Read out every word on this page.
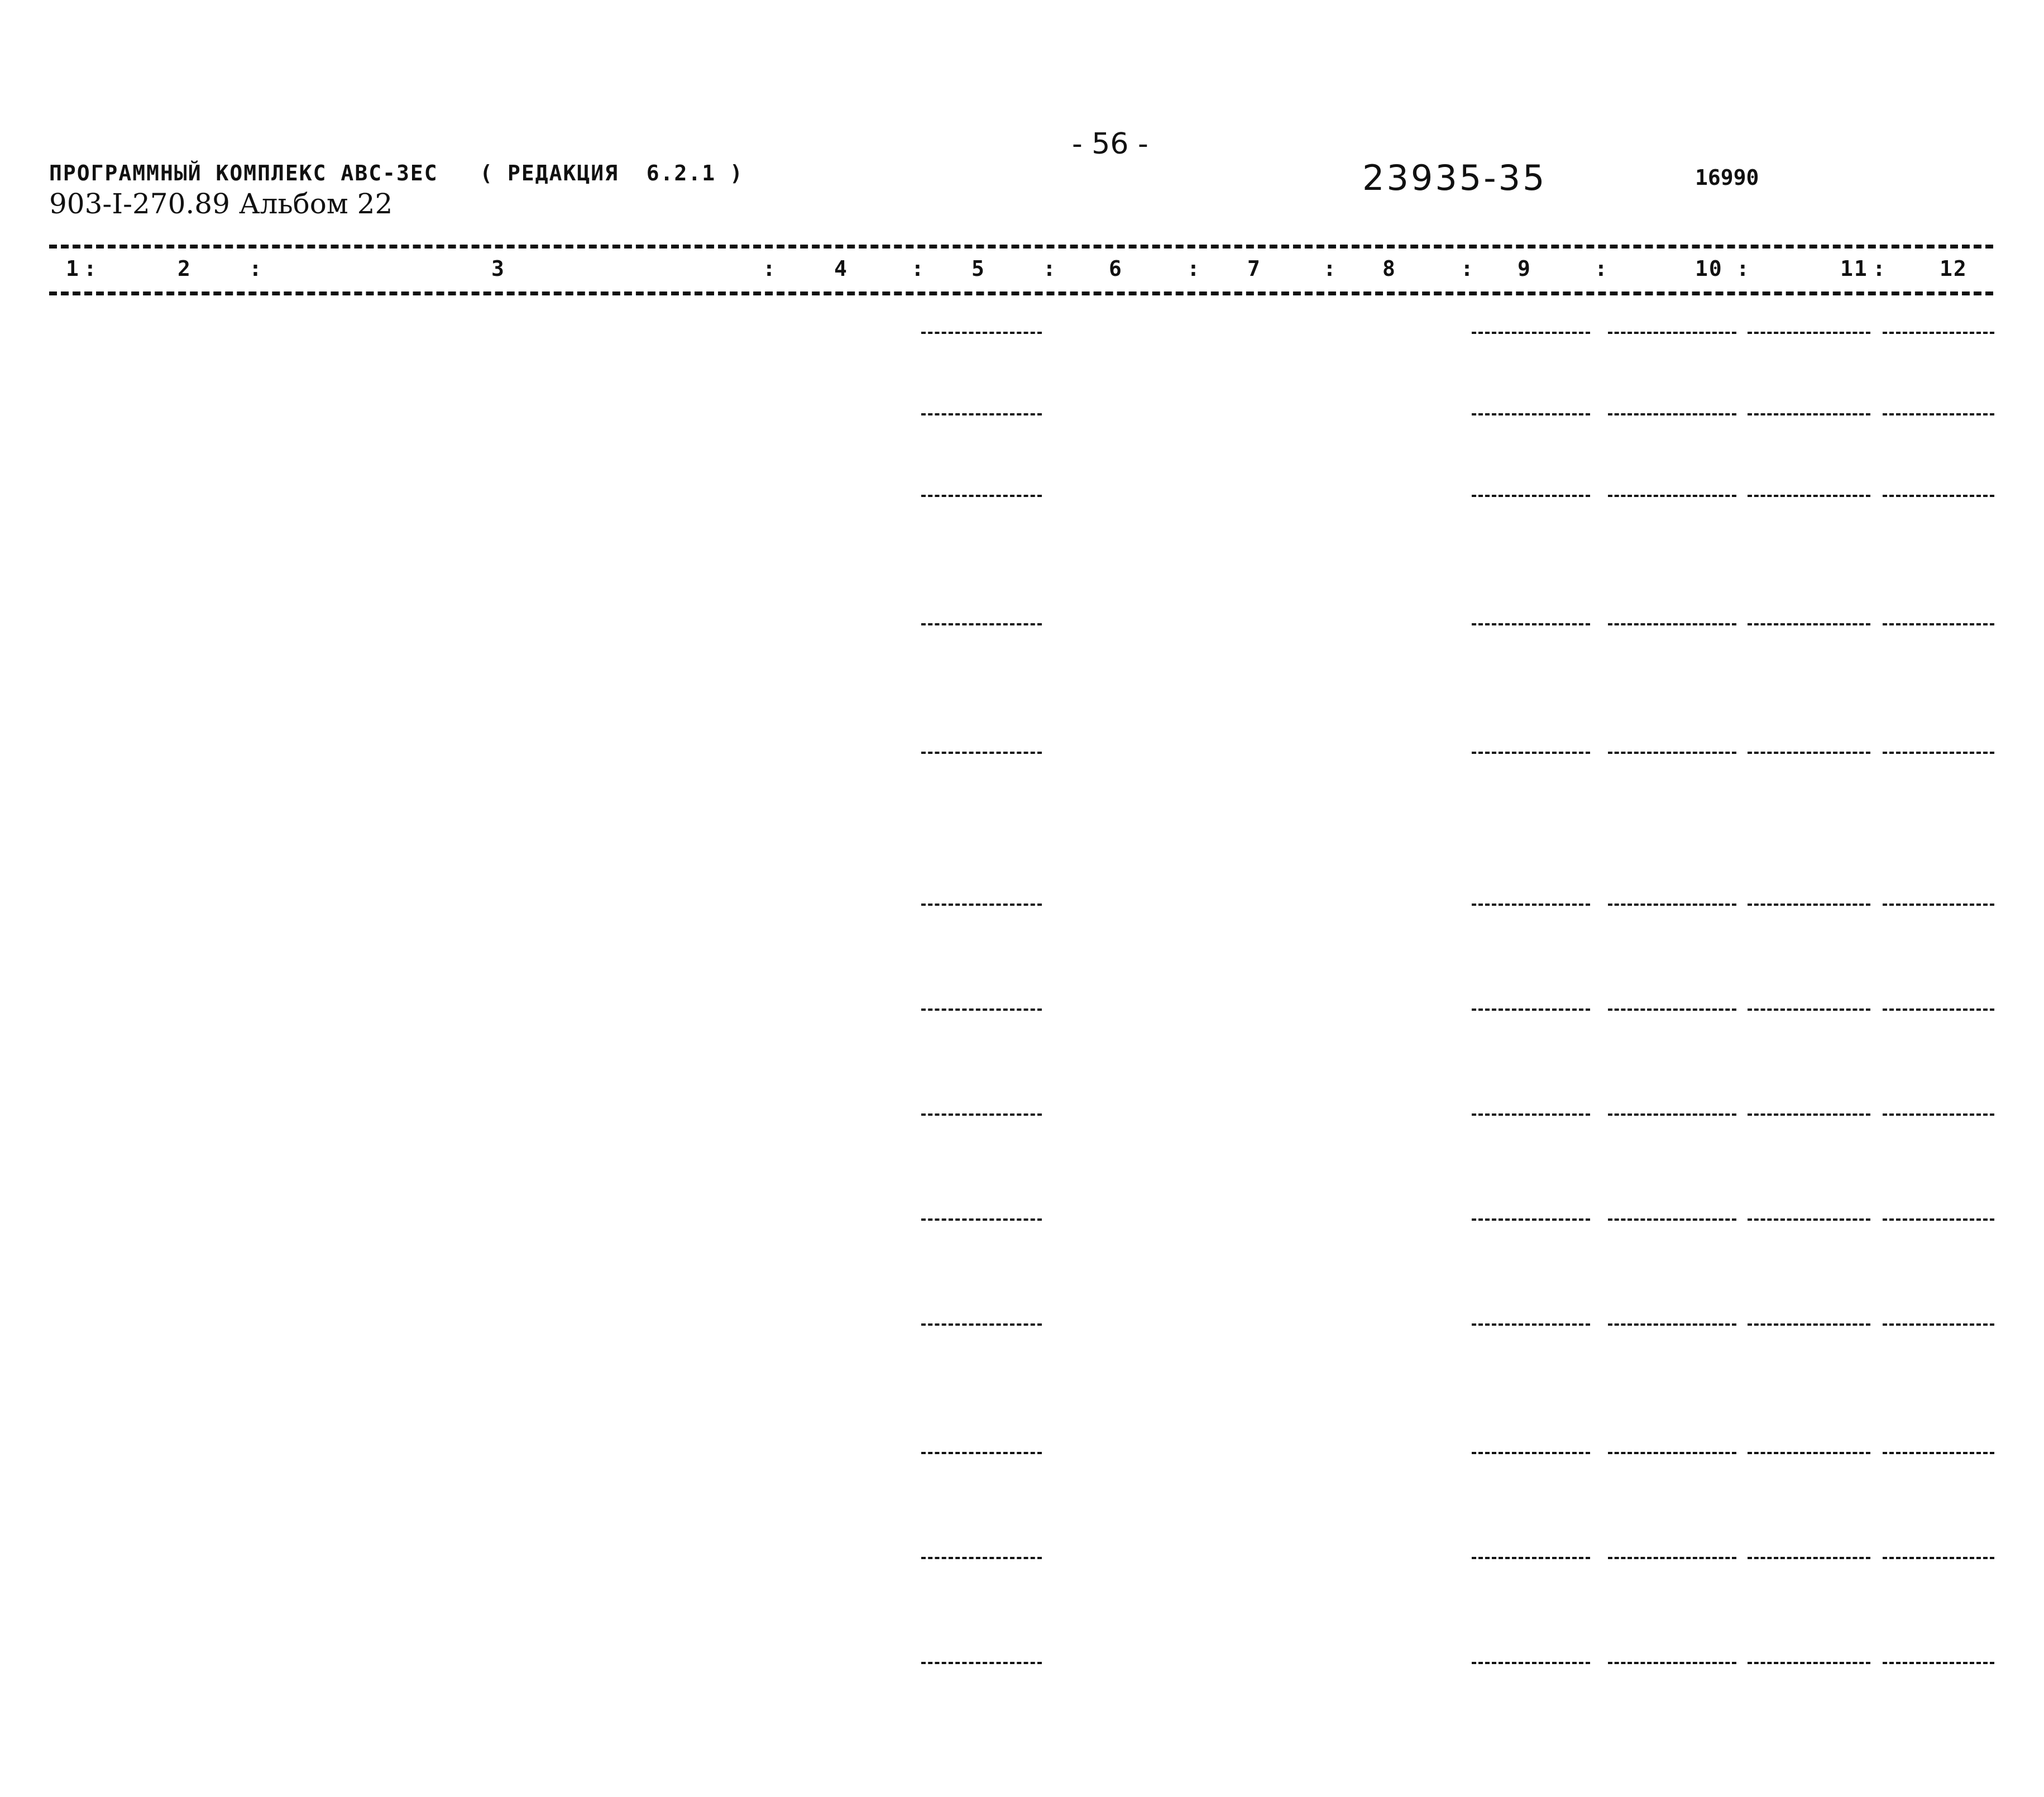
- 56 -
ПРОГРАММНЫЙ КОМПЛЕКС АВС-3ЕС   ( РЕДАКЦИЯ  6.2.1 )
903-I-270.89 Альбом 22
23935-35	16990
1	2	3	4	5	6	7	8	9	10	11	12
:	:	:	:	:	:	:	:	:	:	:
